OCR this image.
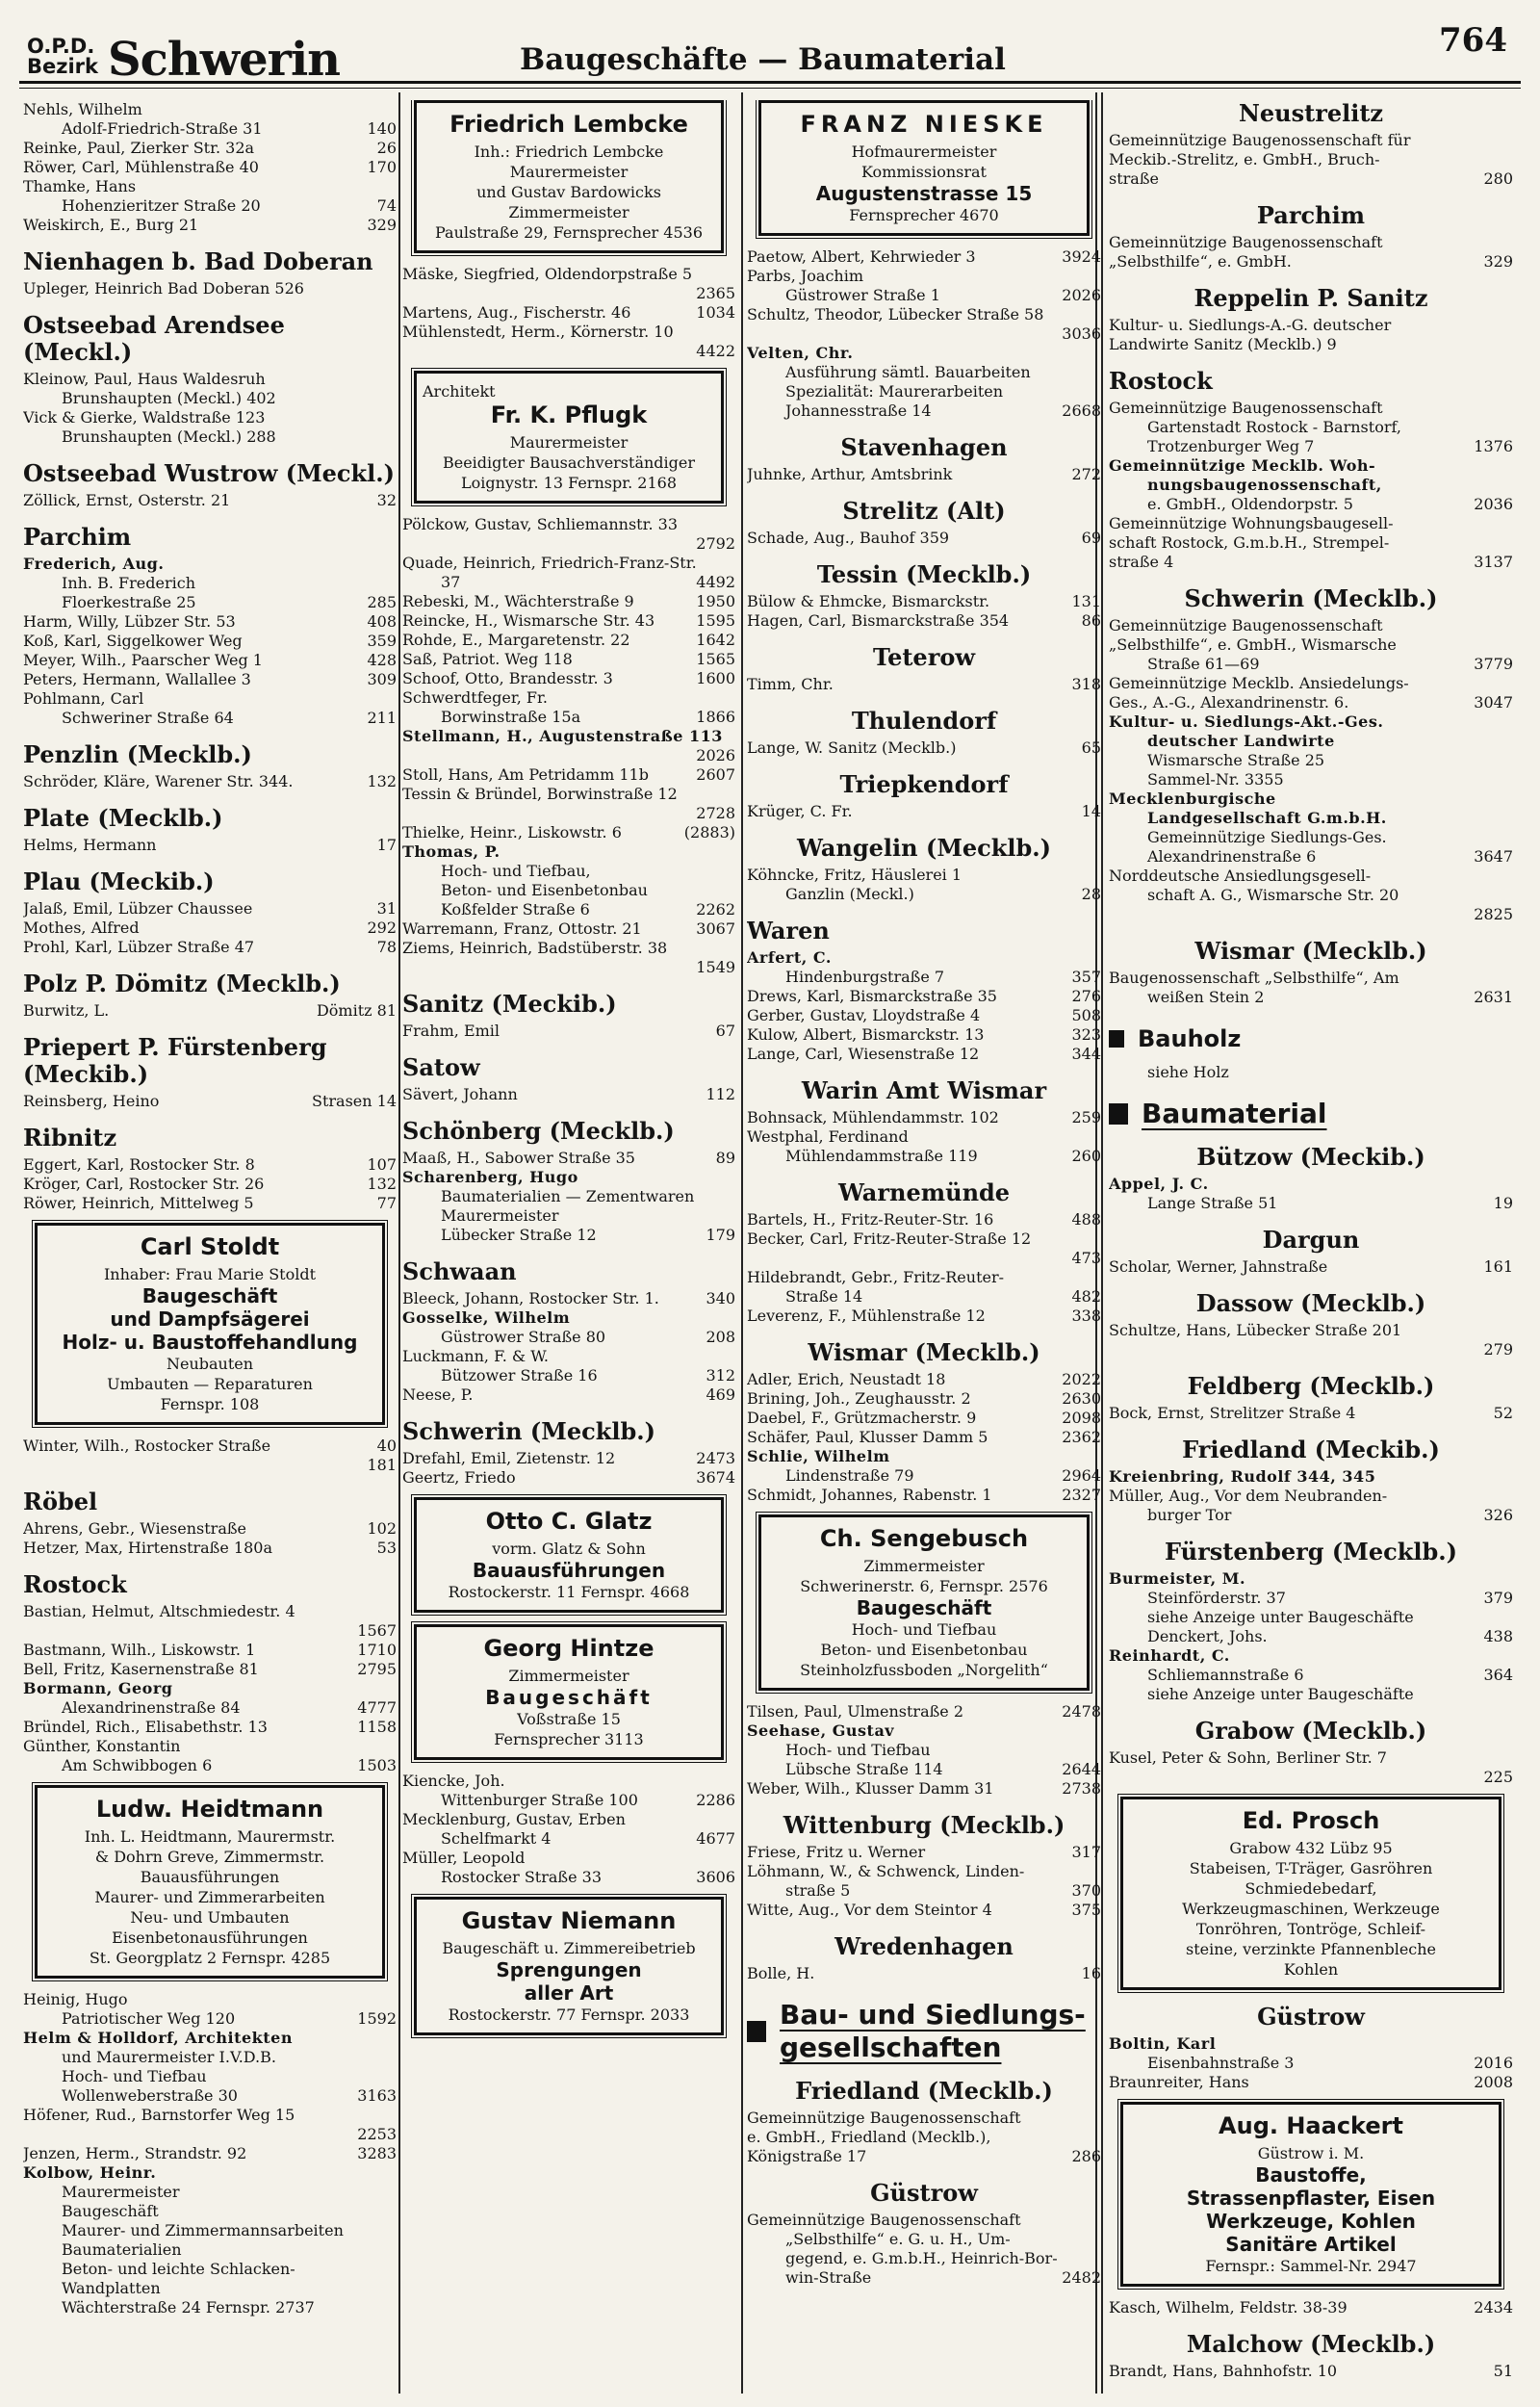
O.P.D.
Bezirk Schwerin	Baugeschäfte — Baumaterial	764
Nehls, Wilhelm
Adolf-Friedrich-Straße 31	140
Reinke, Paul, Zierker Str. 32a	26
Röwer, Carl, Mühlenstraße 40	170
Thamke, Hans
Hohenzieritzer Straße 20	74
Weiskirch, E., Burg 21	329
Nienhagen b. Bad Doberan
Upleger, Heinrich Bad Doberan 526
Ostseebad Arendsee (Meckl.)
Kleinow, Paul, Haus Waldesruh
Brunshaupten (Meckl.) 402
Vick & Gierke, Waldstraße 123
Brunshaupten (Meckl.) 288
Ostseebad Wustrow (Meckl.)
Zöllick, Ernst, Osterstr. 21	32
Parchim
Frederich, Aug.
Inh. B. Frederich
Floerkestraße 25	285
Harm, Willy, Lübzer Str. 53	408
Koß, Karl, Siggelkower Weg	359
Meyer, Wilh., Paarscher Weg 1	428
Peters, Hermann, Wallallee 3	309
Pohlmann, Carl
Schweriner Straße 64	211
Penzlin (Mecklb.)
Schröder, Kläre, Warener Str. 344.	132
Plate (Mecklb.)
Helms, Hermann	17
Plau (Meckib.)
Jalaß, Emil, Lübzer Chaussee	31
Mothes, Alfred	292
Prohl, Karl, Lübzer Straße 47	78
Polz P. Dömitz (Mecklb.)
Burwitz, L.	Dömitz 81
Priepert P. Fürstenberg (Meckib.)
Reinsberg, Heino	Strasen 14
Ribnitz
Eggert, Karl, Rostocker Str. 8	107
Kröger, Carl, Rostocker Str. 26	132
Röwer, Heinrich, Mittelweg 5	77
Carl Stoldt
Inhaber: Frau Marie Stoldt
Baugeschäft
und Dampfsägerei
Holz- u. Baustoffehandlung
Neubauten
Umbauten — Reparaturen
Fernspr. 108
Winter, Wilh., Rostocker Straße	40
181
Röbel
Ahrens, Gebr., Wiesenstraße	102
Hetzer, Max, Hirtenstraße 180a	53
Rostock
Bastian, Helmut, Altschmiedestr. 4
1567
Bastmann, Wilh., Liskowstr. 1	1710
Bell, Fritz, Kasernenstraße 81	2795
Bormann, Georg
Alexandrinenstraße 84	4777
Bründel, Rich., Elisabethstr. 13	1158
Günther, Konstantin
Am Schwibbogen 6	1503
Ludw. Heidtmann
Inh. L. Heidtmann, Maurermstr.
& Dohrn Greve, Zimmermstr.
Bauausführungen
Maurer- und Zimmerarbeiten
Neu- und Umbauten
Eisenbetonausführungen
St. Georgplatz 2 Fernspr. 4285
Heinig, Hugo
Patriotischer Weg 120	1592
Helm & Holldorf, Architekten
und Maurermeister I.V.D.B.
Hoch- und Tiefbau
Wollenweberstraße 30	3163
Höfener, Rud., Barnstorfer Weg 15
2253
Jenzen, Herm., Strandstr. 92	3283
Kolbow, Heinr.
Maurermeister
Baugeschäft
Maurer- und Zimmermannsarbeiten
Baumaterialien
Beton- und leichte Schlacken-
Wandplatten
Wächterstraße 24 Fernspr. 2737
Friedrich Lembcke
Inh.: Friedrich Lembcke
Maurermeister
und Gustav Bardowicks
Zimmermeister
Paulstraße 29, Fernsprecher 4536
Mäske, Siegfried, Oldendorpstraße 5
2365
Martens, Aug., Fischerstr. 46	1034
Mühlenstedt, Herm., Körnerstr. 10
4422
Architekt
Fr. K. Pflugk
Maurermeister
Beeidigter Bausachverständiger
Loignystr. 13 Fernspr. 2168
Pölckow, Gustav, Schliemannstr. 33
2792
Quade, Heinrich, Friedrich-Franz-Str.
37	4492
Rebeski, M., Wächterstraße 9	1950
Reincke, H., Wismarsche Str. 43	1595
Rohde, E., Margaretenstr. 22	1642
Saß, Patriot. Weg 118	1565
Schoof, Otto, Brandesstr. 3	1600
Schwerdtfeger, Fr.
Borwinstraße 15a	1866
Stellmann, H., Augustenstraße 113
2026
Stoll, Hans, Am Petridamm 11b	2607
Tessin & Bründel, Borwinstraße 12
2728
Thielke, Heinr., Liskowstr. 6	(2883)
Thomas, P.
Hoch- und Tiefbau,
Beton- und Eisenbetonbau
Koßfelder Straße 6	2262
Warremann, Franz, Ottostr. 21	3067
Ziems, Heinrich, Badstüberstr. 38
1549
Sanitz (Meckib.)
Frahm, Emil	67
Satow
Sävert, Johann	112
Schönberg (Mecklb.)
Maaß, H., Sabower Straße 35	89
Scharenberg, Hugo
Baumaterialien — Zementwaren
Maurermeister
Lübecker Straße 12	179
Schwaan
Bleeck, Johann, Rostocker Str. 1.	340
Gosselke, Wilhelm
Güstrower Straße 80	208
Luckmann, F. & W.
Bützower Straße 16	312
Neese, P.	469
Schwerin (Mecklb.)
Drefahl, Emil, Zietenstr. 12	2473
Geertz, Friedo	3674
Otto C. Glatz
vorm. Glatz & Sohn
Bauausführungen
Rostockerstr. 11 Fernspr. 4668
Georg Hintze
Zimmermeister
Baugeschäft
Voßstraße 15
Fernsprecher 3113
Kiencke, Joh.
Wittenburger Straße 100	2286
Mecklenburg, Gustav, Erben
Schelfmarkt 4	4677
Müller, Leopold
Rostocker Straße 33	3606
Gustav Niemann
Baugeschäft u. Zimmereibetrieb
Sprengungen
aller Art
Rostockerstr. 77 Fernspr. 2033
FRANZ NIESKE
Hofmaurermeister
Kommissionsrat
Augustenstrasse 15
Fernsprecher 4670
Paetow, Albert, Kehrwieder 3	3924
Parbs, Joachim
Güstrower Straße 1	2026
Schultz, Theodor, Lübecker Straße 58
3036
Velten, Chr.
Ausführung sämtl. Bauarbeiten
Spezialität: Maurerarbeiten
Johannesstraße 14	2668
Stavenhagen
Juhnke, Arthur, Amtsbrink	272
Strelitz (Alt)
Schade, Aug., Bauhof 359	69
Tessin (Mecklb.)
Bülow & Ehmcke, Bismarckstr.	131
Hagen, Carl, Bismarckstraße 354	86
Teterow
Timm, Chr.	318
Thulendorf
Lange, W. Sanitz (Mecklb.)	65
Triepkendorf
Krüger, C. Fr.	14
Wangelin (Mecklb.)
Köhncke, Fritz, Häuslerei 1
Ganzlin (Meckl.)	28
Waren
Arfert, C.
Hindenburgstraße 7	357
Drews, Karl, Bismarckstraße 35	276
Gerber, Gustav, Lloydstraße 4	508
Kulow, Albert, Bismarckstr. 13	323
Lange, Carl, Wiesenstraße 12	344
Warin Amt Wismar
Bohnsack, Mühlendammstr. 102	259
Westphal, Ferdinand
Mühlendammstraße 119	260
Warnemünde
Bartels, H., Fritz-Reuter-Str. 16	488
Becker, Carl, Fritz-Reuter-Straße 12
473
Hildebrandt, Gebr., Fritz-Reuter-
Straße 14	482
Leverenz, F., Mühlenstraße 12	338
Wismar (Mecklb.)
Adler, Erich, Neustadt 18	2022
Brining, Joh., Zeughausstr. 2	2630
Daebel, F., Grützmacherstr. 9	2098
Schäfer, Paul, Klusser Damm 5	2362
Schlie, Wilhelm
Lindenstraße 79	2964
Schmidt, Johannes, Rabenstr. 1	2327
Ch. Sengebusch
Zimmermeister
Schwerinerstr. 6, Fernspr. 2576
Baugeschäft
Hoch- und Tiefbau
Beton- und Eisenbetonbau
Steinholzfussboden „Norgelith“
Tilsen, Paul, Ulmenstraße 2	2478
Seehase, Gustav
Hoch- und Tiefbau
Lübsche Straße 114	2644
Weber, Wilh., Klusser Damm 31	2738
Wittenburg (Mecklb.)
Friese, Fritz u. Werner	317
Löhmann, W., & Schwenck, Linden-
straße 5	370
Witte, Aug., Vor dem Steintor 4	375
Wredenhagen
Bolle, H.	16
Bau- und Siedlungs-
gesellschaften
Friedland (Mecklb.)
Gemeinnützige Baugenossenschaft
e. GmbH., Friedland (Mecklb.),
Königstraße 17	286
Güstrow
Gemeinnützige Baugenossenschaft
„Selbsthilfe“ e. G. u. H., Um-
gegend, e. G.m.b.H., Heinrich-Bor-
win-Straße	2482
Neustrelitz
Gemeinnützige Baugenossenschaft für
Meckib.-Strelitz, e. GmbH., Bruch-
straße	280
Parchim
Gemeinnützige Baugenossenschaft
„Selbsthilfe“, e. GmbH.	329
Reppelin P. Sanitz
Kultur- u. Siedlungs-A.-G. deutscher
Landwirte Sanitz (Mecklb.) 9
Rostock
Gemeinnützige Baugenossenschaft
Gartenstadt Rostock - Barnstorf,
Trotzenburger Weg 7	1376
Gemeinnützige Mecklb. Woh-
nungsbaugenossenschaft,
e. GmbH., Oldendorpstr. 5	2036
Gemeinnützige Wohnungsbaugesell-
schaft Rostock, G.m.b.H., Strempel-
straße 4	3137
Schwerin (Mecklb.)
Gemeinnützige Baugenossenschaft
„Selbsthilfe“, e. GmbH., Wismarsche
Straße 61—69	3779
Gemeinnützige Mecklb. Ansiedelungs-
Ges., A.-G., Alexandrinenstr. 6.	3047
Kultur- u. Siedlungs-Akt.-Ges.
deutscher Landwirte
Wismarsche Straße 25
Sammel-Nr. 3355
Mecklenburgische
Landgesellschaft G.m.b.H.
Gemeinnützige Siedlungs-Ges.
Alexandrinenstraße 6	3647
Norddeutsche Ansiedlungsgesell-
schaft A. G., Wismarsche Str. 20
2825
Wismar (Mecklb.)
Baugenossenschaft „Selbsthilfe“, Am
weißen Stein 2	2631
Bauholz
siehe Holz
Baumaterial
Bützow (Meckib.)
Appel, J. C.
Lange Straße 51	19
Dargun
Scholar, Werner, Jahnstraße	161
Dassow (Mecklb.)
Schultze, Hans, Lübecker Straße 201
279
Feldberg (Mecklb.)
Bock, Ernst, Strelitzer Straße 4	52
Friedland (Meckib.)
Kreienbring, Rudolf 344, 345
Müller, Aug., Vor dem Neubranden-
burger Tor	326
Fürstenberg (Mecklb.)
Burmeister, M.
Steinförderstr. 37	379
siehe Anzeige unter Baugeschäfte
Denckert, Johs.	438
Reinhardt, C.
Schliemannstraße 6	364
siehe Anzeige unter Baugeschäfte
Grabow (Mecklb.)
Kusel, Peter & Sohn, Berliner Str. 7
225
Ed. Prosch
Grabow 432 Lübz 95
Stabeisen, T-Träger, Gasröhren
Schmiedebedarf,
Werkzeugmaschinen, Werkzeuge
Tonröhren, Tontröge, Schleif-
steine, verzinkte Pfannenbleche
Kohlen
Güstrow
Boltin, Karl
Eisenbahnstraße 3	2016
Braunreiter, Hans	2008
Aug. Haackert
Güstrow i. M.
Baustoffe,
Strassenpflaster, Eisen
Werkzeuge, Kohlen
Sanitäre Artikel
Fernspr.: Sammel-Nr. 2947
Kasch, Wilhelm, Feldstr. 38-39	2434
Malchow (Mecklb.)
Brandt, Hans, Bahnhofstr. 10	51
